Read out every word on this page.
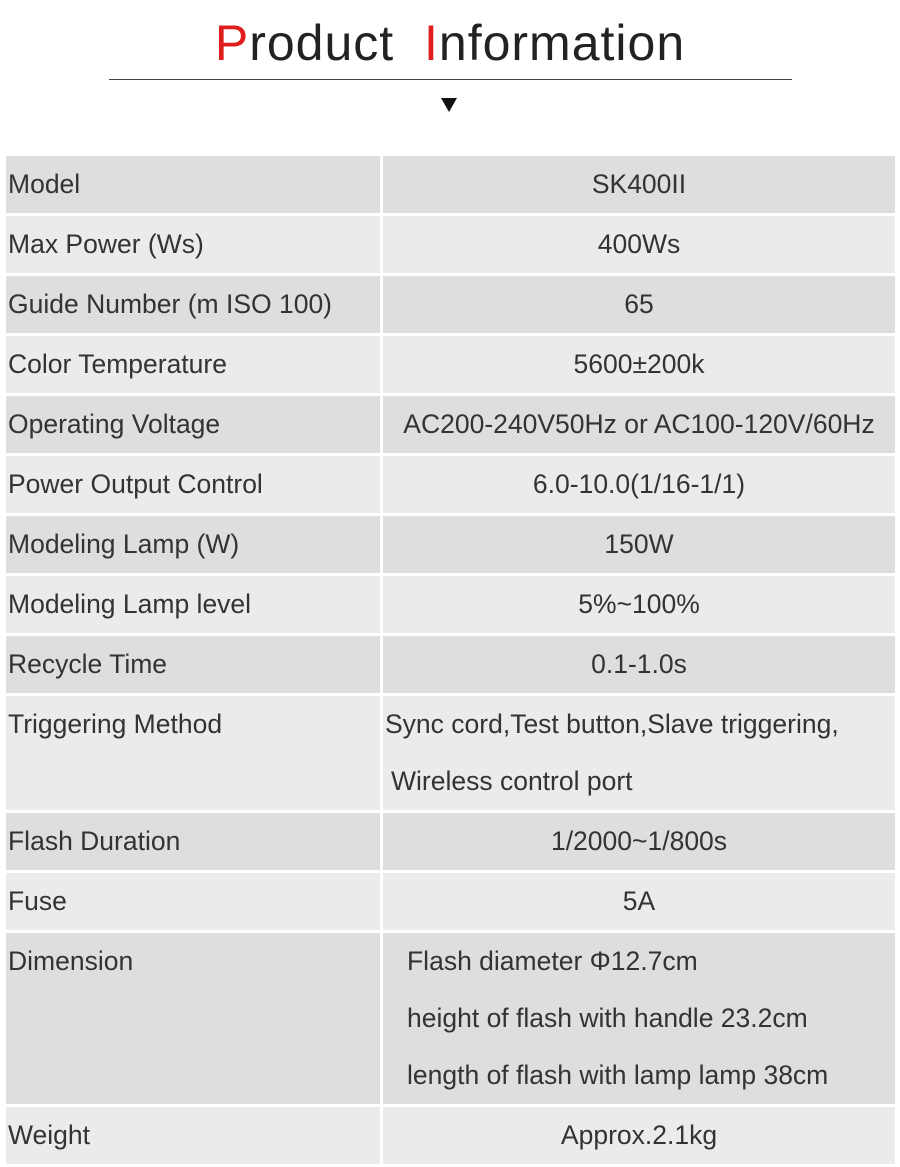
Product Information
Model	SK400II
Max Power (Ws)	400Ws
Guide Number (m ISO 100)	65
Color Temperature	5600±200k
Operating Voltage	AC200-240V50Hz or AC100-120V/60Hz
Power Output Control	6.0-10.0(1/16-1/1)
Modeling Lamp (W)	150W
Modeling Lamp level	5%~100%
Recycle Time	0.1-1.0s
Triggering Method	Sync cord,Test button,Slave triggering,
Wireless control port
Flash Duration	1/2000~1/800s
Fuse	5A
Dimension	Flash diameter Φ12.7cm
height of flash with handle 23.2cm
length of flash with lamp lamp 38cm
Weight	Approx.2.1kg
